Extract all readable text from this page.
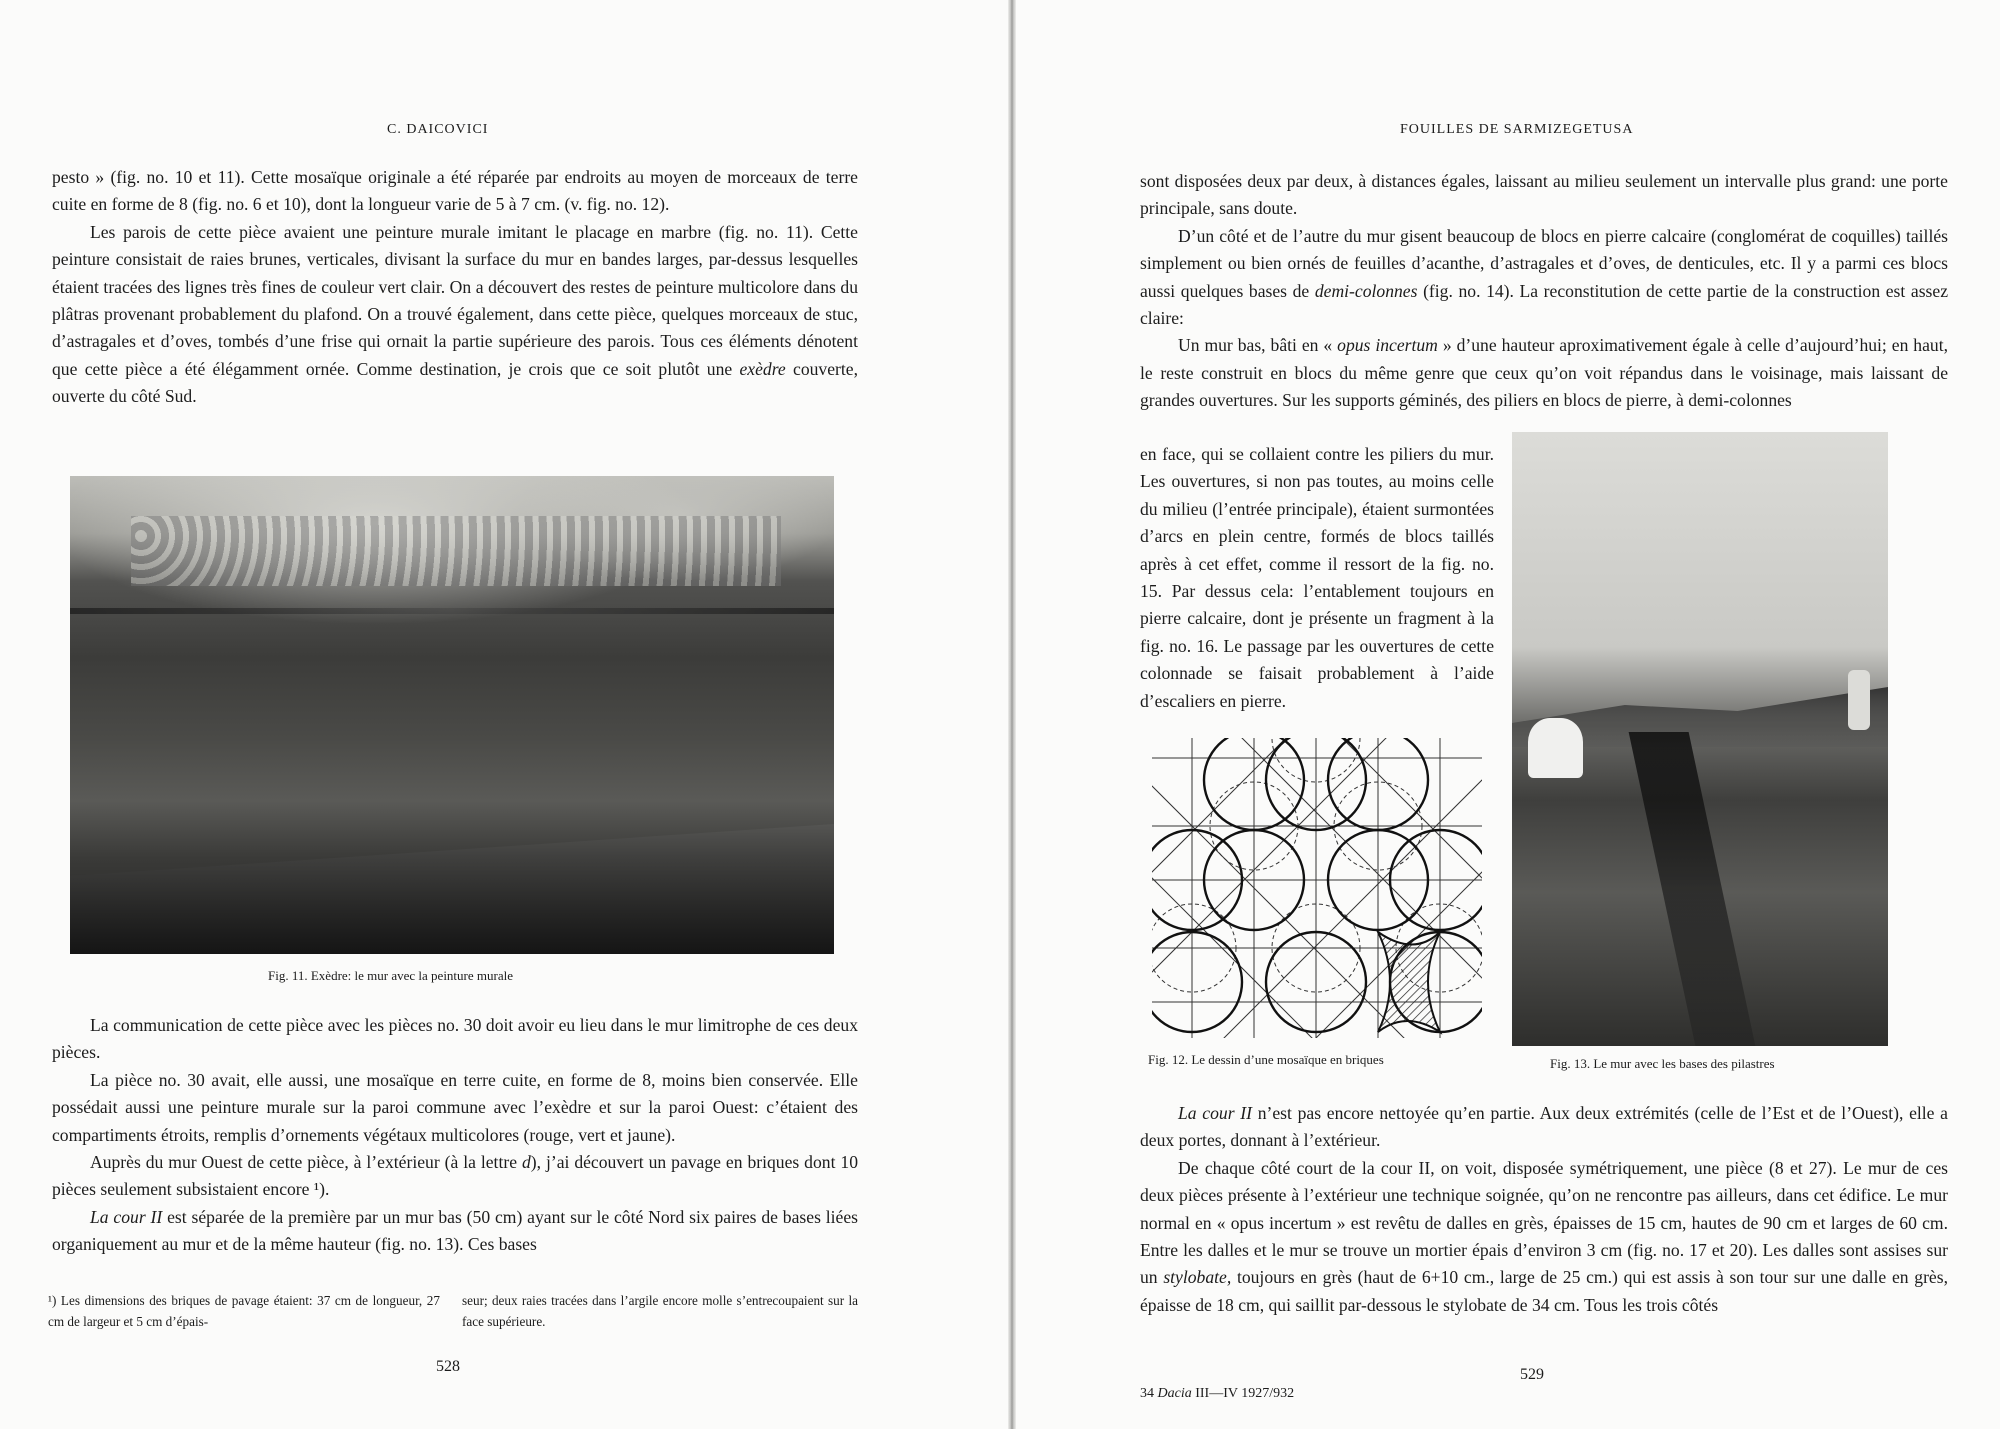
C. DAICOVICI

pesto » (fig. no. 10 et 11). Cette mosaïque originale a été réparée par endroits au moyen de morceaux de terre cuite en forme de 8 (fig. no. 6 et 10), dont la longueur varie de 5 à 7 cm. (v. fig. no. 12).

Les parois de cette pièce avaient une peinture murale imitant le placage en marbre (fig. no. 11). Cette peinture consistait de raies brunes, verticales, divisant la surface du mur en bandes larges, par-dessus lesquelles étaient tracées des lignes très fines de couleur vert clair. On a découvert des restes de peinture multicolore dans du plâtras provenant probablement du plafond. On a trouvé également, dans cette pièce, quelques morceaux de stuc, d’astragales et d’oves, tombés d’une frise qui ornait la partie supérieure des parois. Tous ces éléments dénotent que cette pièce a été élégamment ornée. Comme destination, je crois que ce soit plutôt une exèdre couverte, ouverte du côté Sud.

Fig. 11. Exèdre: le mur avec la peinture murale

La communication de cette pièce avec les pièces no. 30 doit avoir eu lieu dans le mur limitrophe de ces deux pièces.

La pièce no. 30 avait, elle aussi, une mosaïque en terre cuite, en forme de 8, moins bien conservée. Elle possédait aussi une peinture murale sur la paroi commune avec l’exèdre et sur la paroi Ouest: c’étaient des compartiments étroits, remplis d’ornements végétaux multicolores (rouge, vert et jaune).

Auprès du mur Ouest de cette pièce, à l’extérieur (à la lettre d), j’ai découvert un pavage en briques dont 10 pièces seulement subsistaient encore ¹).

La cour II est séparée de la première par un mur bas (50 cm) ayant sur le côté Nord six paires de bases liées organiquement au mur et de la même hauteur (fig. no. 13). Ces bases

¹) Les dimensions des briques de pavage étaient: 37 cm de longueur, 27 cm de largeur et 5 cm d’épais-

seur; deux raies tracées dans l’argile encore molle s’entrecoupaient sur la face supérieure.

528
FOUILLES DE SARMIZEGETUSA

sont disposées deux par deux, à distances égales, laissant au milieu seulement un intervalle plus grand: une porte principale, sans doute.

D’un côté et de l’autre du mur gisent beaucoup de blocs en pierre calcaire (conglomérat de coquilles) taillés simplement ou bien ornés de feuilles d’acanthe, d’astragales et d’oves, de denticules, etc. Il y a parmi ces blocs aussi quelques bases de demi-colonnes (fig. no. 14). La reconstitution de cette partie de la construction est assez claire:

Un mur bas, bâti en « opus incertum » d’une hauteur aproximativement égale à celle d’aujourd’hui; en haut, le reste construit en blocs du même genre que ceux qu’on voit répandus dans le voisinage, mais laissant de grandes ouvertures. Sur les supports géminés, des piliers en blocs de pierre, à demi-colonnes

en face, qui se collaient contre les piliers du mur. Les ouvertures, si non pas toutes, au moins celle du milieu (l’entrée principale), étaient surmontées d’arcs en plein centre, formés de blocs taillés après à cet effet, comme il ressort de la fig. no. 15. Par dessus cela: l’entablement toujours en pierre calcaire, dont je présente un fragment à la fig. no. 16. Le passage par les ouvertures de cette colonnade se faisait probablement à l’aide d’escaliers en pierre.

Fig. 12. Le dessin d’une mosaïque en briques	Fig. 13. Le mur avec les bases des pilastres

La cour II n’est pas encore nettoyée qu’en partie. Aux deux extrémités (celle de l’Est et de l’Ouest), elle a deux portes, donnant à l’extérieur.

De chaque côté court de la cour II, on voit, disposée symétriquement, une pièce (8 et 27). Le mur de ces deux pièces présente à l’extérieur une technique soignée, qu’on ne rencontre pas ailleurs, dans cet édifice. Le mur normal en « opus incertum » est revêtu de dalles en grès, épaisses de 15 cm, hautes de 90 cm et larges de 60 cm. Entre les dalles et le mur se trouve un mortier épais d’environ 3 cm (fig. no. 17 et 20). Les dalles sont assises sur un stylobate, toujours en grès (haut de 6+10 cm., large de 25 cm.) qui est assis à son tour sur une dalle en grès, épaisse de 18 cm, qui saillit par-dessous le stylobate de 34 cm. Tous les trois côtés

529
34 Dacia III—IV 1927/932
